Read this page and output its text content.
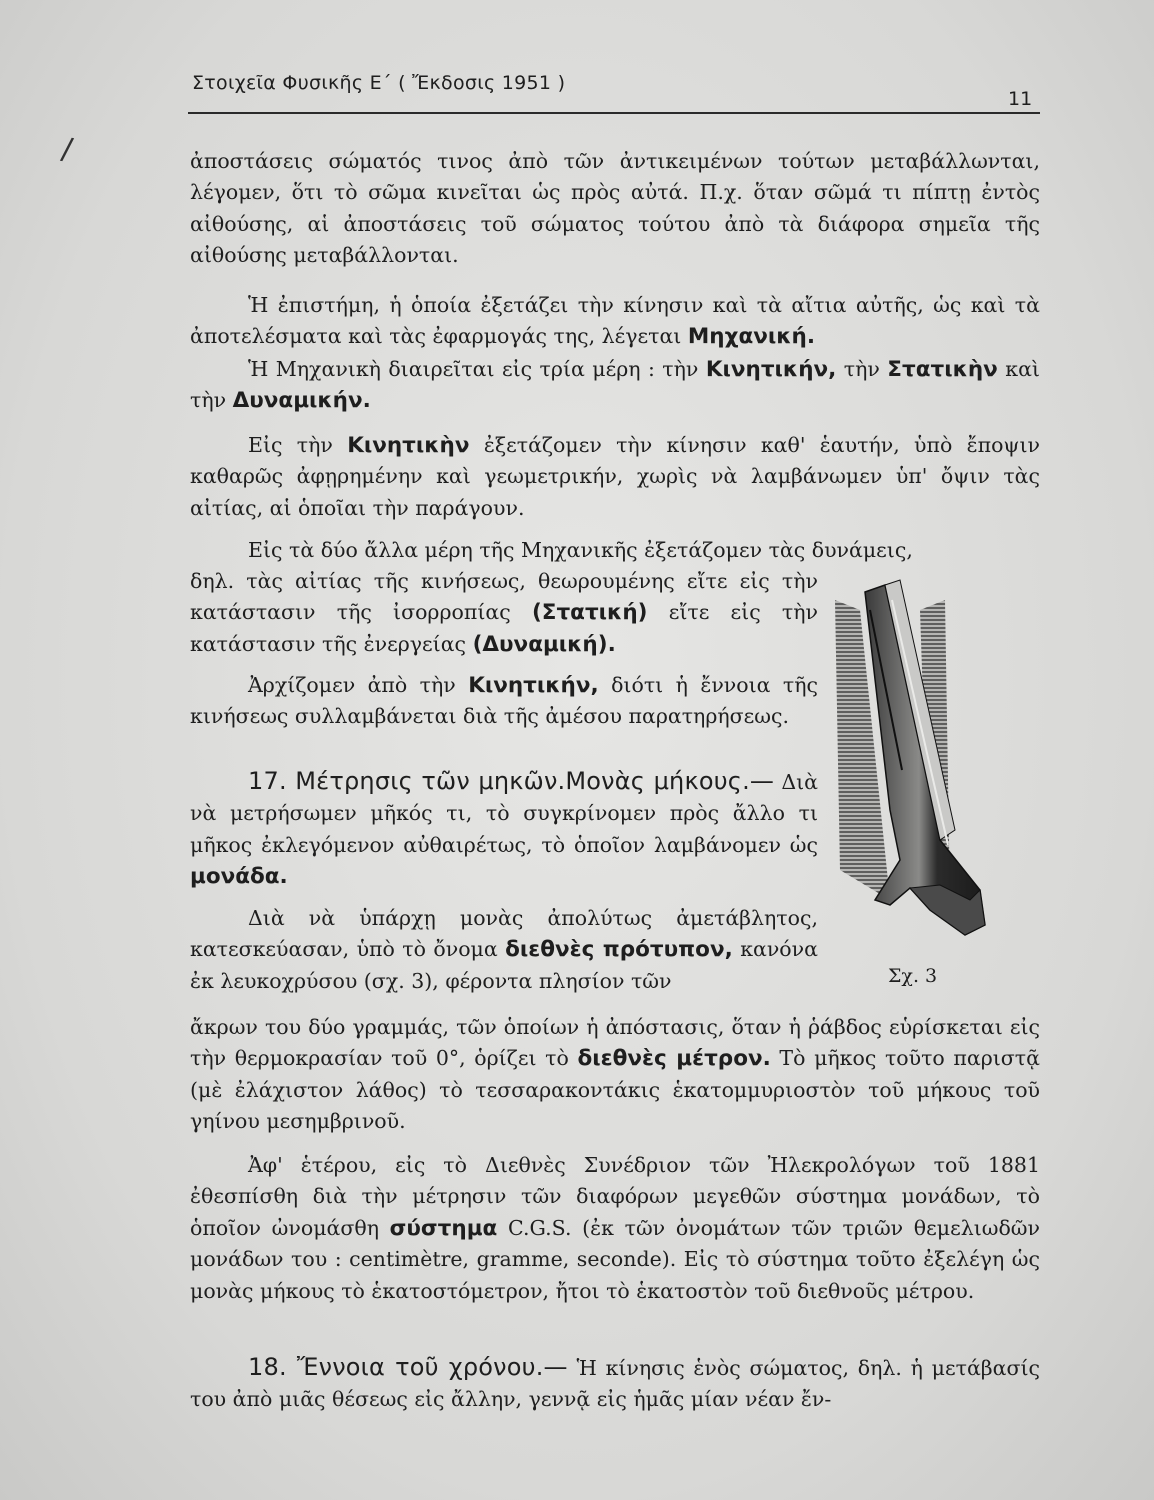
Στοιχεῖα Φυσικῆς Ε΄ ( Ἔκδοσις 1951 )
11
/	ἀποστάσεις σώματός τινος ἀπὸ τῶν ἀντικειμένων τούτων μεταβάλλωνται, λέγομεν, ὅτι τὸ σῶμα κινεῖται ὡς πρὸς αὐτά. Π.χ. ὅταν σῶμά τι πίπτῃ ἐντὸς αἰθούσης, αἱ ἀποστάσεις τοῦ σώματος τούτου ἀπὸ τὰ διάφορα σημεῖα τῆς αἰθούσης μεταβάλλονται.
Ἡ ἐπιστήμη, ἡ ὁποία ἐξετάζει τὴν κίνησιν καὶ τὰ αἴτια αὐτῆς, ὡς καὶ τὰ ἀποτελέσματα καὶ τὰς ἐφαρμογάς της, λέγεται Μηχανική.
Ἡ Μηχανικὴ διαιρεῖται εἰς τρία μέρη : τὴν Κινητικήν, τὴν Στατικὴν καὶ τὴν Δυναμικήν.
Εἰς τὴν Κινητικὴν ἐξετάζομεν τὴν κίνησιν καθ' ἑαυτήν, ὑπὸ ἔποψιν καθαρῶς ἀφῃρημένην καὶ γεωμετρικήν, χωρὶς νὰ λαμβάνωμεν ὑπ' ὄψιν τὰς αἰτίας, αἱ ὁποῖαι τὴν παράγουν.
Εἰς τὰ δύο ἄλλα μέρη τῆς Μηχανικῆς ἐξετάζομεν τὰς δυνάμεις,
δηλ. τὰς αἰτίας τῆς κινήσεως, θεωρουμένης εἴτε εἰς τὴν κατάστασιν τῆς ἰσορροπίας (Στατική) εἴτε εἰς τὴν κατάστασιν τῆς ἐνεργείας (Δυναμική).
Ἀρχίζομεν ἀπὸ τὴν Κινητικήν, διότι ἡ ἔννοια τῆς κινήσεως συλλαμβάνεται διὰ τῆς ἀμέσου παρατηρήσεως.
17. Μέτρησις τῶν μηκῶν.Μονὰς μήκους.— Διὰ νὰ μετρήσωμεν μῆκός τι, τὸ συγκρίνομεν πρὸς ἄλλο τι μῆκος ἐκλεγόμενον αὐθαιρέτως, τὸ ὁποῖον λαμβάνομεν ὡς μονάδα.
Διὰ νὰ ὑπάρχῃ μονὰς ἀπολύτως ἀμετάβλητος, κατεσκεύασαν, ὑπὸ τὸ ὄνομα διεθνὲς πρότυπον, κανόνα ἐκ λευκοχρύσου (σχ. 3), φέροντα πλησίον τῶν
ἄκρων του δύο γραμμάς, τῶν ὁποίων ἡ ἀπόστασις, ὅταν ἡ ῥάβδος εὑρίσκεται εἰς τὴν θερμοκρασίαν τοῦ 0°, ὁρίζει τὸ διεθνὲς μέτρον. Τὸ μῆκος τοῦτο παριστᾷ (μὲ ἐλάχιστον λάθος) τὸ τεσσαρακοντάκις ἑκατομμυριοστὸν τοῦ μήκους τοῦ γηίνου μεσημβρινοῦ.
Ἀφ' ἑτέρου, εἰς τὸ Διεθνὲς Συνέδριον τῶν Ἠλεκρολόγων τοῦ 1881 ἐθεσπίσθη διὰ τὴν μέτρησιν τῶν διαφόρων μεγεθῶν σύστημα μονάδων, τὸ ὁποῖον ὠνομάσθη σύστημα C.G.S. (ἐκ τῶν ὀνομάτων τῶν τριῶν θεμελιωδῶν μονάδων του : centimètre, gramme, seconde). Εἰς τὸ σύστημα τοῦτο ἐξελέγη ὡς μονὰς μήκους τὸ ἑκατοστόμετρον, ἤτοι τὸ ἑκατοστὸν τοῦ διεθνοῦς μέτρου.
18. Ἔννοια τοῦ χρόνου.— Ἡ κίνησις ἑνὸς σώματος, δηλ. ἡ μετάβασίς του ἀπὸ μιᾶς θέσεως εἰς ἄλλην, γεννᾷ εἰς ἡμᾶς μίαν νέαν ἔν-
Σχ. 3
